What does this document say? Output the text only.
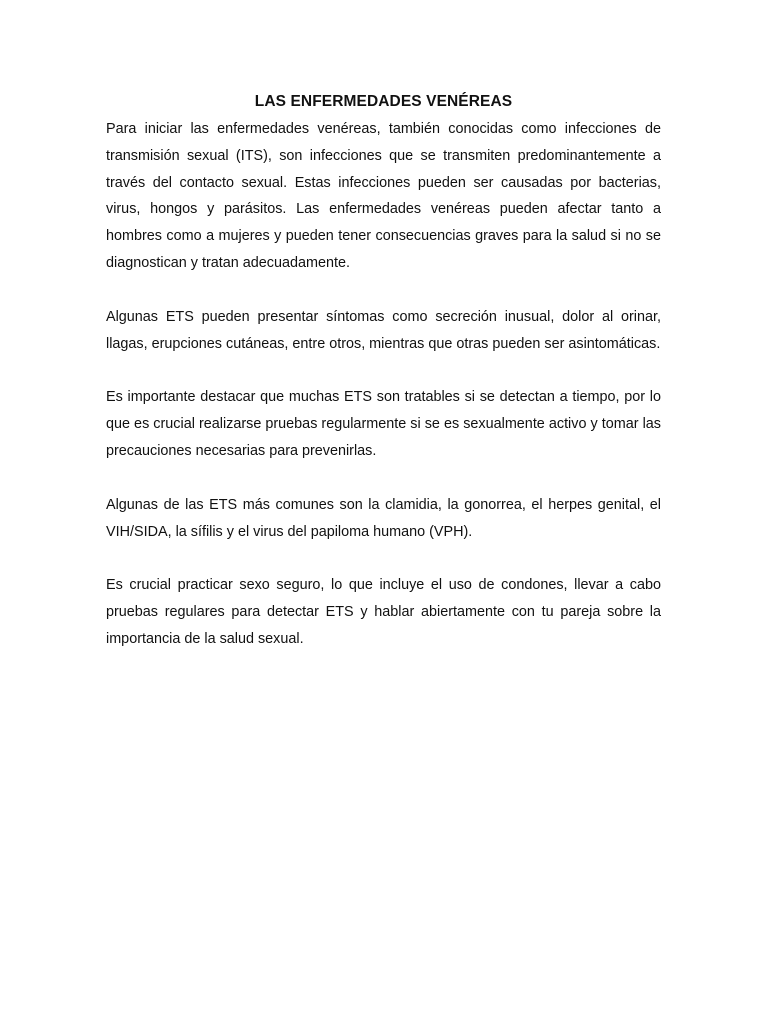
LAS ENFERMEDADES VENÉREAS

Para iniciar las enfermedades venéreas, también conocidas como infecciones de transmisión sexual (ITS), son infecciones que se transmiten predominantemente a través del contacto sexual. Estas infecciones pueden ser causadas por bacterias, virus, hongos y parásitos. Las enfermedades venéreas pueden afectar tanto a hombres como a mujeres y pueden tener consecuencias graves para la salud si no se diagnostican y tratan adecuadamente.

Algunas ETS pueden presentar síntomas como secreción inusual, dolor al orinar, llagas, erupciones cutáneas, entre otros, mientras que otras pueden ser asintomáticas.

Es importante destacar que muchas ETS son tratables si se detectan a tiempo, por lo que es crucial realizarse pruebas regularmente si se es sexualmente activo y tomar las precauciones necesarias para prevenirlas.

Algunas de las ETS más comunes son la clamidia, la gonorrea, el herpes genital, el VIH/SIDA, la sífilis y el virus del papiloma humano (VPH).

Es crucial practicar sexo seguro, lo que incluye el uso de condones, llevar a cabo pruebas regulares para detectar ETS y hablar abiertamente con tu pareja sobre la importancia de la salud sexual.
